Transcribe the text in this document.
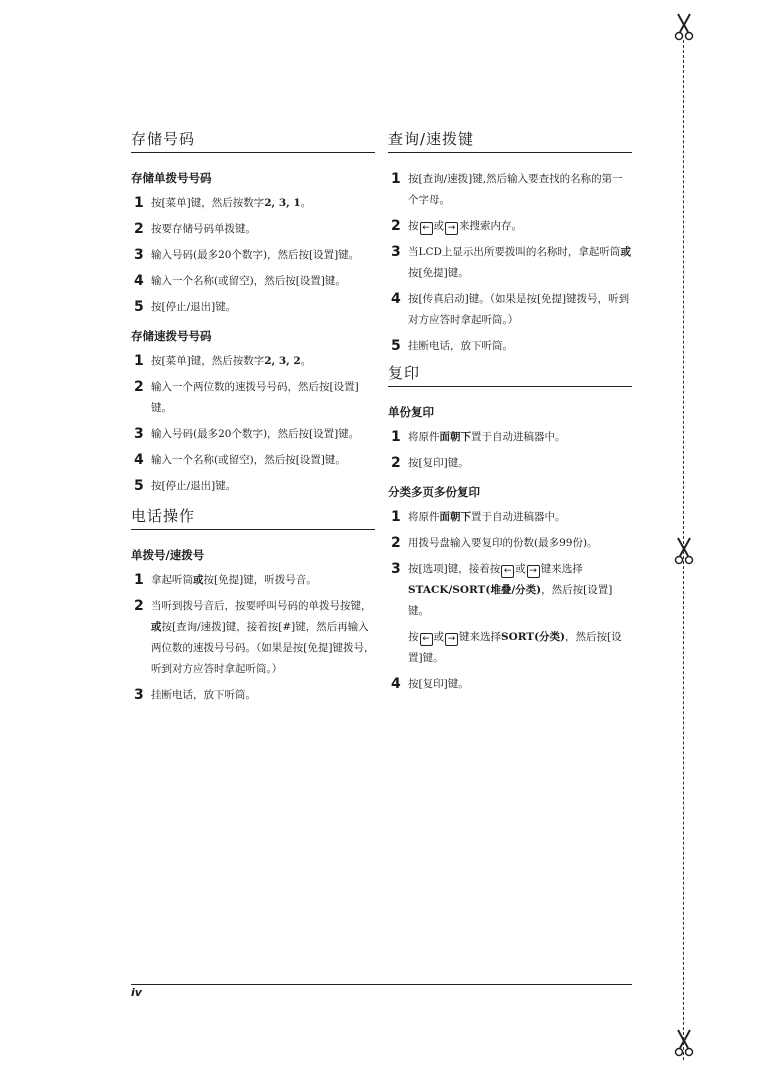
存储号码
存储单拨号号码
1 按[菜单]键，然后按数字2, 3, 1。
2 按要存储号码单拨键。
3 输入号码(最多20个数字)，然后按[设置]键。
4 输入一个名称(或留空)，然后按[设置]键。
5 按[停止/退出]键。
存储速拨号号码
1 按[菜单]键，然后按数字2, 3, 2。
2 输入一个两位数的速拨号号码，然后按[设置]键。
3 输入号码(最多20个数字)，然后按[设置]键。
4 输入一个名称(或留空)，然后按[设置]键。
5 按[停止/退出]键。
电话操作
单拨号/速拨号
1 拿起听筒或按[免提]键，听拨号音。
2 当听到拨号音后，按要呼叫号码的单拨号按键，或按[查询/速拨]键，接着按[#]键，然后再输入两位数的速拨号号码。（如果是按[免提]键拨号，听到对方应答时拿起听筒。）
3 挂断电话，放下听筒。
查询/速拨键
1 按[查询/速拨]键,然后输入要查找的名称的第一个字母。
2 按 ← 或 → 来搜索内存。
3 当LCD上显示出所要拨叫的名称时，拿起听筒或按[免提]键。
4 按[传真启动]键。（如果是按[免提]键拨号，听到对方应答时拿起听筒。）
5 挂断电话，放下听筒。
复印
单份复印
1 将原件面朝下置于自动进稿器中。
2 按[复印]键。
分类多页多份复印
1 将原件面朝下置于自动进稿器中。
2 用拨号盘输入要复印的份数(最多99份)。
3 按[选项]键，接着按 ← 或 → 键来选择STACK/SORT(堆叠/分类)，然后按[设置]键。
按 ← 或 → 键来选择SORT(分类)，然后按[设置]键。
4 按[复印]键。
iv
